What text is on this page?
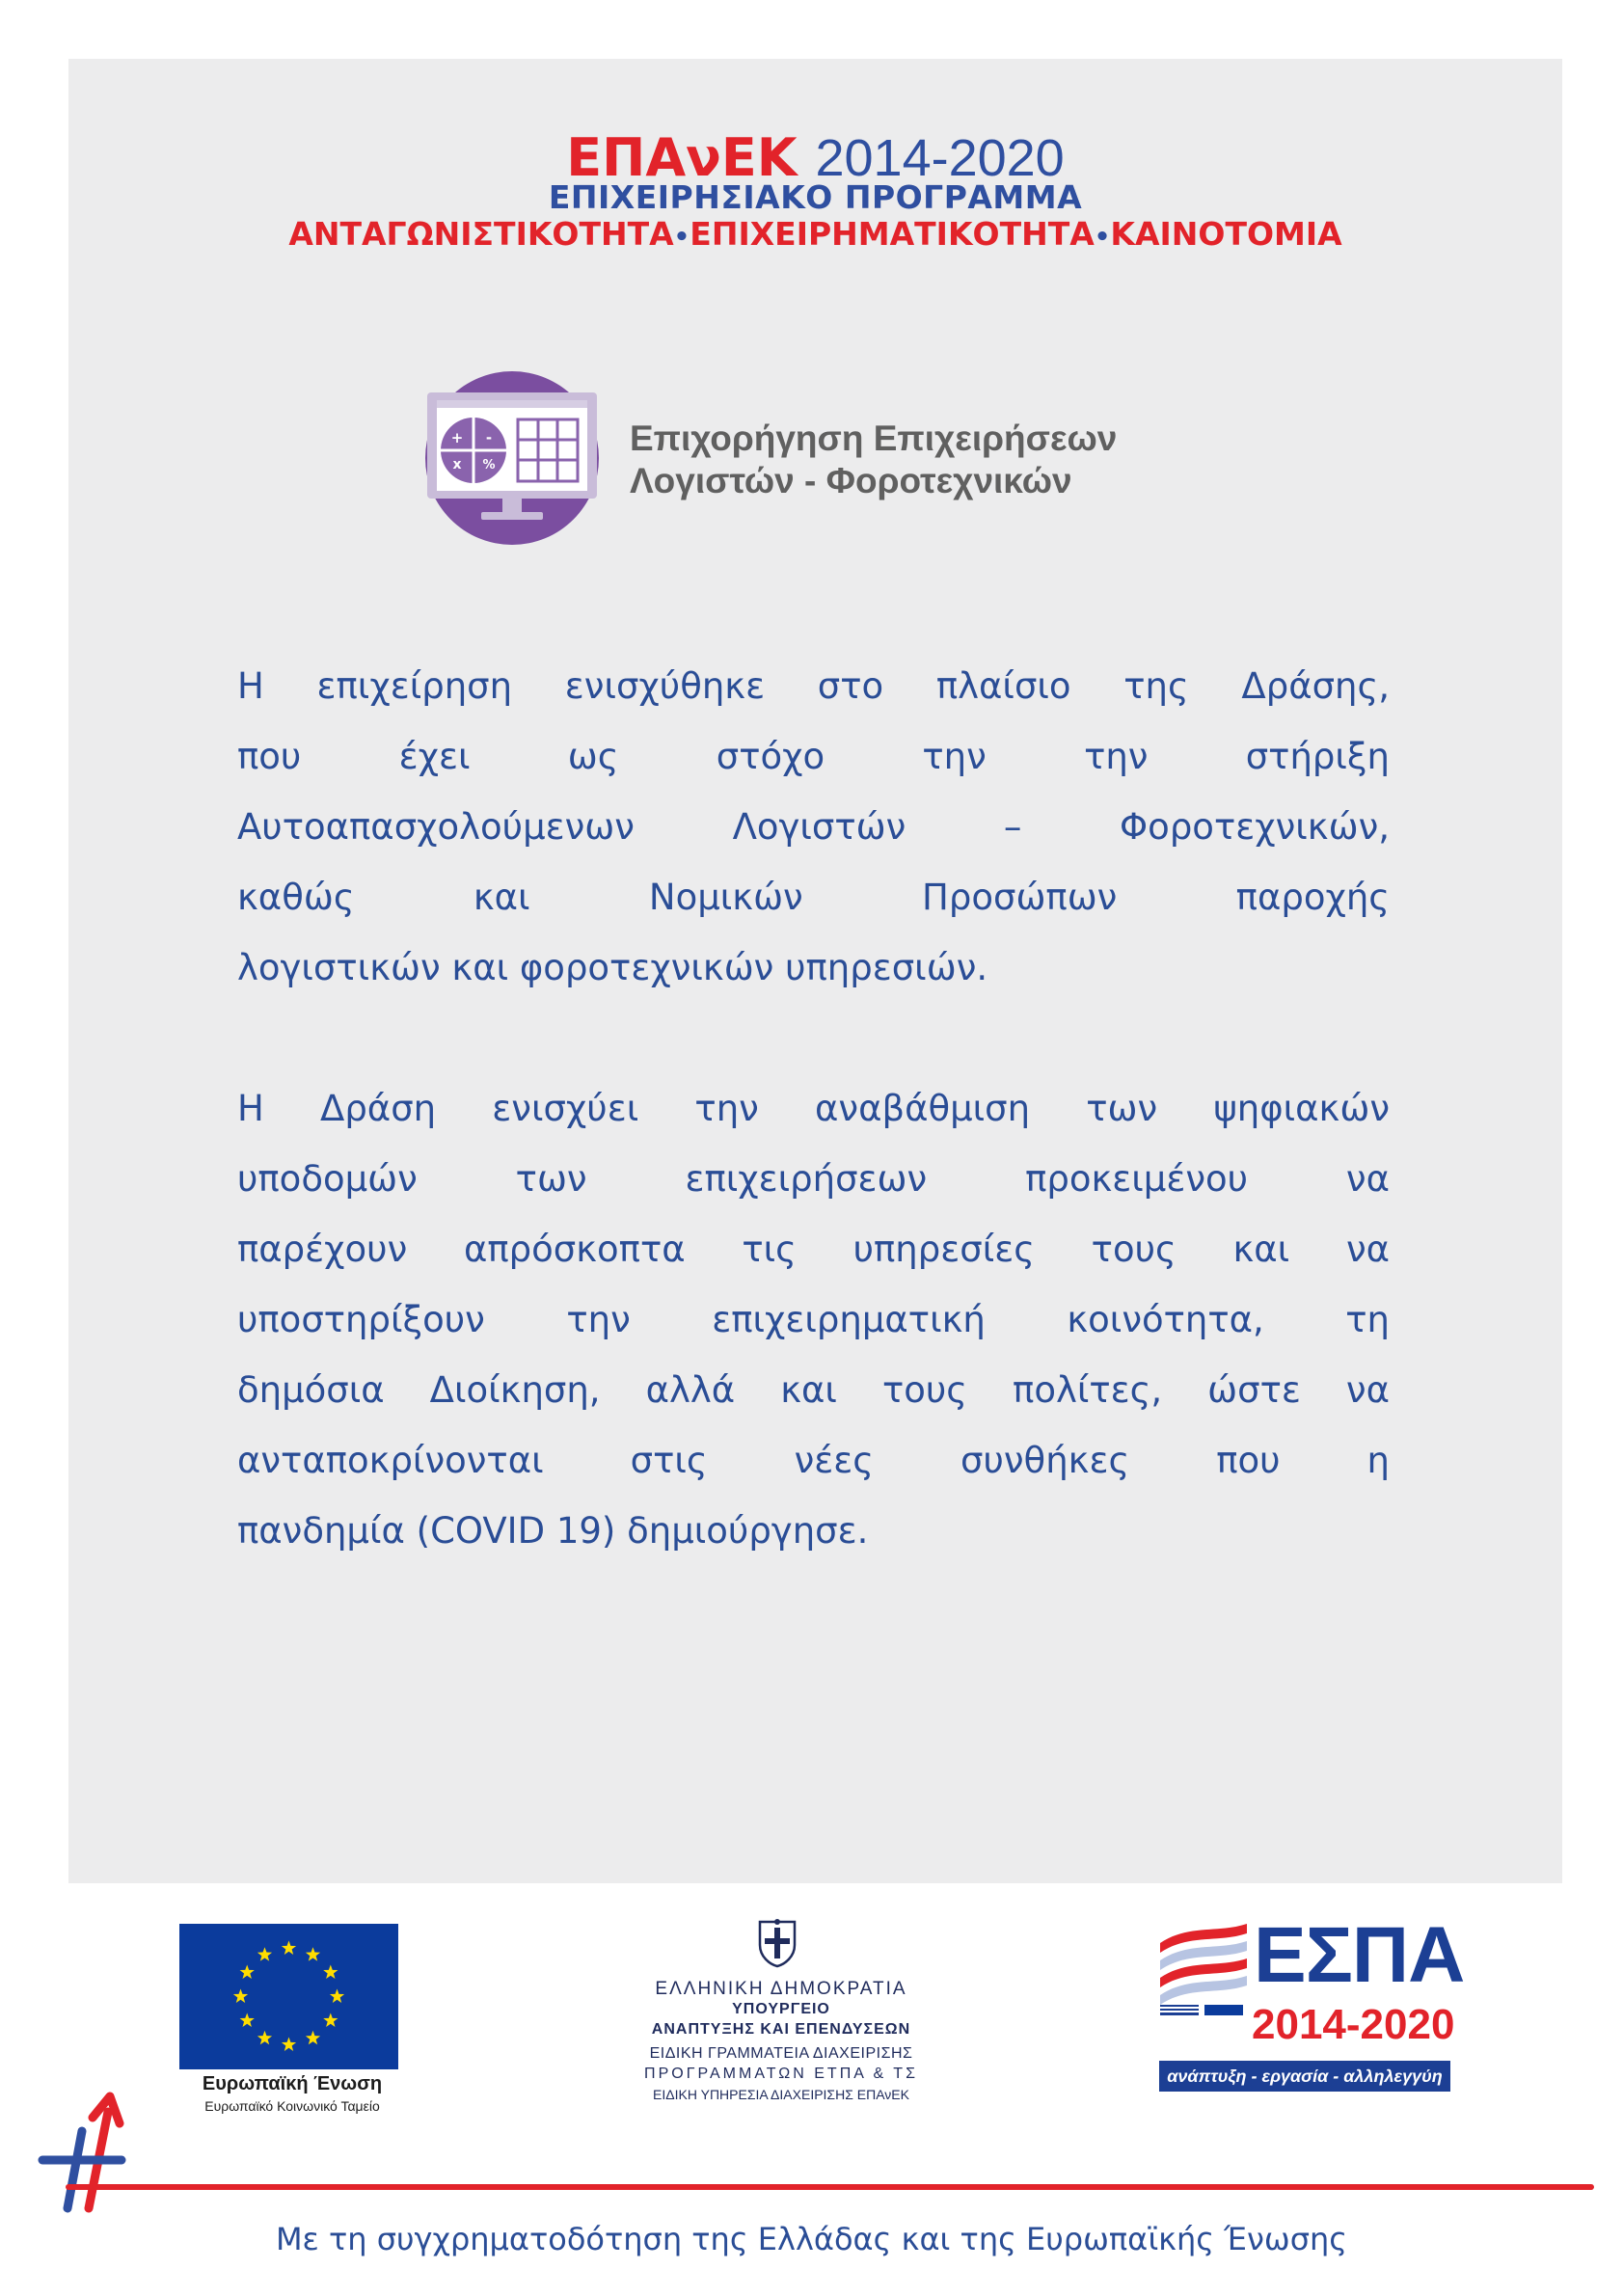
ΕΠΑνΕΚ 2014-2020
ΕΠΙΧΕΙΡΗΣΙΑΚΟ ΠΡΟΓΡΑΜΜΑ
ΑΝΤΑΓΩΝΙΣΤΙΚΟΤΗΤΑ•ΕΠΙΧΕΙΡΗΜΑΤΙΚΟΤΗΤΑ•ΚΑΙΝΟΤΟΜΙΑ
+ -
x %
Επιχορήγηση Επιχειρήσεων
Λογιστών - Φοροτεχνικών
Η επιχείρηση ενισχύθηκε στο πλαίσιο της Δράσης,
που έχει ως στόχο την την στήριξη
Αυτοαπασχολούμενων Λογιστών – Φοροτεχνικών,
καθώς και Νομικών Προσώπων παροχής
λογιστικών και φοροτεχνικών υπηρεσιών.
Η Δράση ενισχύει την αναβάθμιση των ψηφιακών
υποδομών των επιχειρήσεων προκειμένου να
παρέχουν απρόσκοπτα τις υπηρεσίες τους και να
υποστηρίξουν την επιχειρηματική κοινότητα, τη
δημόσια Διοίκηση, αλλά και τους πολίτες, ώστε να
ανταποκρίνονται στις νέες συνθήκες που η
πανδημία (COVID 19) δημιούργησε.
Ευρωπαϊκή Ένωση
Ευρωπαϊκό Κοινωνικό Ταμείο
ΕΛΛΗΝΙΚΗ ΔΗΜΟΚΡΑΤΙΑ
ΥΠΟΥΡΓΕΙΟ
ΑΝΑΠΤΥΞΗΣ ΚΑΙ ΕΠΕΝΔΥΣΕΩΝ
ΕΙΔΙΚΗ ΓΡΑΜΜΑΤΕΙΑ ΔΙΑΧΕΙΡΙΣΗΣ
ΠΡΟΓΡΑΜΜΑΤΩΝ ΕΤΠΑ & ΤΣ
ΕΙΔΙΚΗ ΥΠΗΡΕΣΙΑ ΔΙΑΧΕΙΡΙΣΗΣ ΕΠΑνΕΚ
ΕΣΠΑ
2014-2020
ανάπτυξη - εργασία - αλληλεγγύη
Με τη συγχρηματοδότηση της Ελλάδας και της Ευρωπαϊκής Ένωσης
